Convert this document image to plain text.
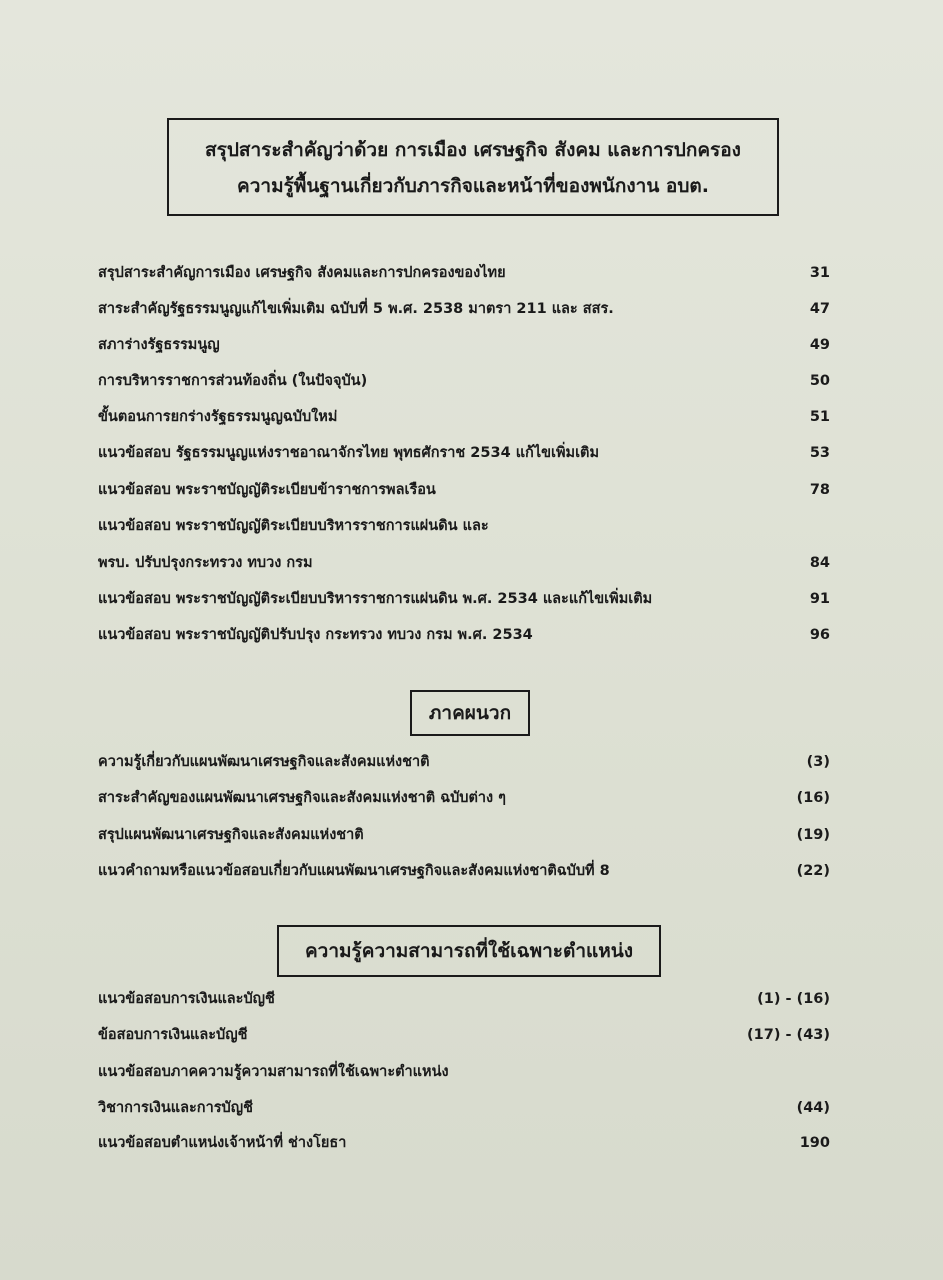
สรุปสาระสำคัญว่าด้วย การเมือง เศรษฐกิจ สังคม และการปกครอง
ความรู้พื้นฐานเกี่ยวกับภารกิจและหน้าที่ของพนักงาน อบต.
สรุปสาระสำคัญการเมือง เศรษฐกิจ สังคมและการปกครองของไทย	31
สาระสำคัญรัฐธรรมนูญแก้ไขเพิ่มเติม ฉบับที่ 5 พ.ศ. 2538 มาตรา 211 และ สสร.	47
สภาร่างรัฐธรรมนูญ	49
การบริหารราชการส่วนท้องถิ่น (ในปัจจุบัน)	50
ขั้นตอนการยกร่างรัฐธรรมนูญฉบับใหม่	51
แนวข้อสอบ รัฐธรรมนูญแห่งราชอาณาจักรไทย พุทธศักราช 2534 แก้ไขเพิ่มเติม	53
แนวข้อสอบ พระราชบัญญัติระเบียบข้าราชการพลเรือน	78
แนวข้อสอบ พระราชบัญญัติระเบียบบริหารราชการแผ่นดิน และ
พรบ. ปรับปรุงกระทรวง ทบวง กรม	84
แนวข้อสอบ พระราชบัญญัติระเบียบบริหารราชการแผ่นดิน พ.ศ. 2534 และแก้ไขเพิ่มเติม	91
แนวข้อสอบ พระราชบัญญัติปรับปรุง กระทรวง ทบวง กรม พ.ศ. 2534	96
ภาคผนวก
ความรู้เกี่ยวกับแผนพัฒนาเศรษฐกิจและสังคมแห่งชาติ	(3)
สาระสำคัญของแผนพัฒนาเศรษฐกิจและสังคมแห่งชาติ ฉบับต่าง ๆ	(16)
สรุปแผนพัฒนาเศรษฐกิจและสังคมแห่งชาติ	(19)
แนวคำถามหรือแนวข้อสอบเกี่ยวกับแผนพัฒนาเศรษฐกิจและสังคมแห่งชาติฉบับที่ 8	(22)
ความรู้ความสามารถที่ใช้เฉพาะตำแหน่ง
แนวข้อสอบการเงินและบัญชี	(1) - (16)
ข้อสอบการเงินและบัญชี	(17) - (43)
แนวข้อสอบภาคความรู้ความสามารถที่ใช้เฉพาะตำแหน่ง
วิชาการเงินและการบัญชี	(44)
แนวข้อสอบตำแหน่งเจ้าหน้าที่ ช่างโยธา	190
